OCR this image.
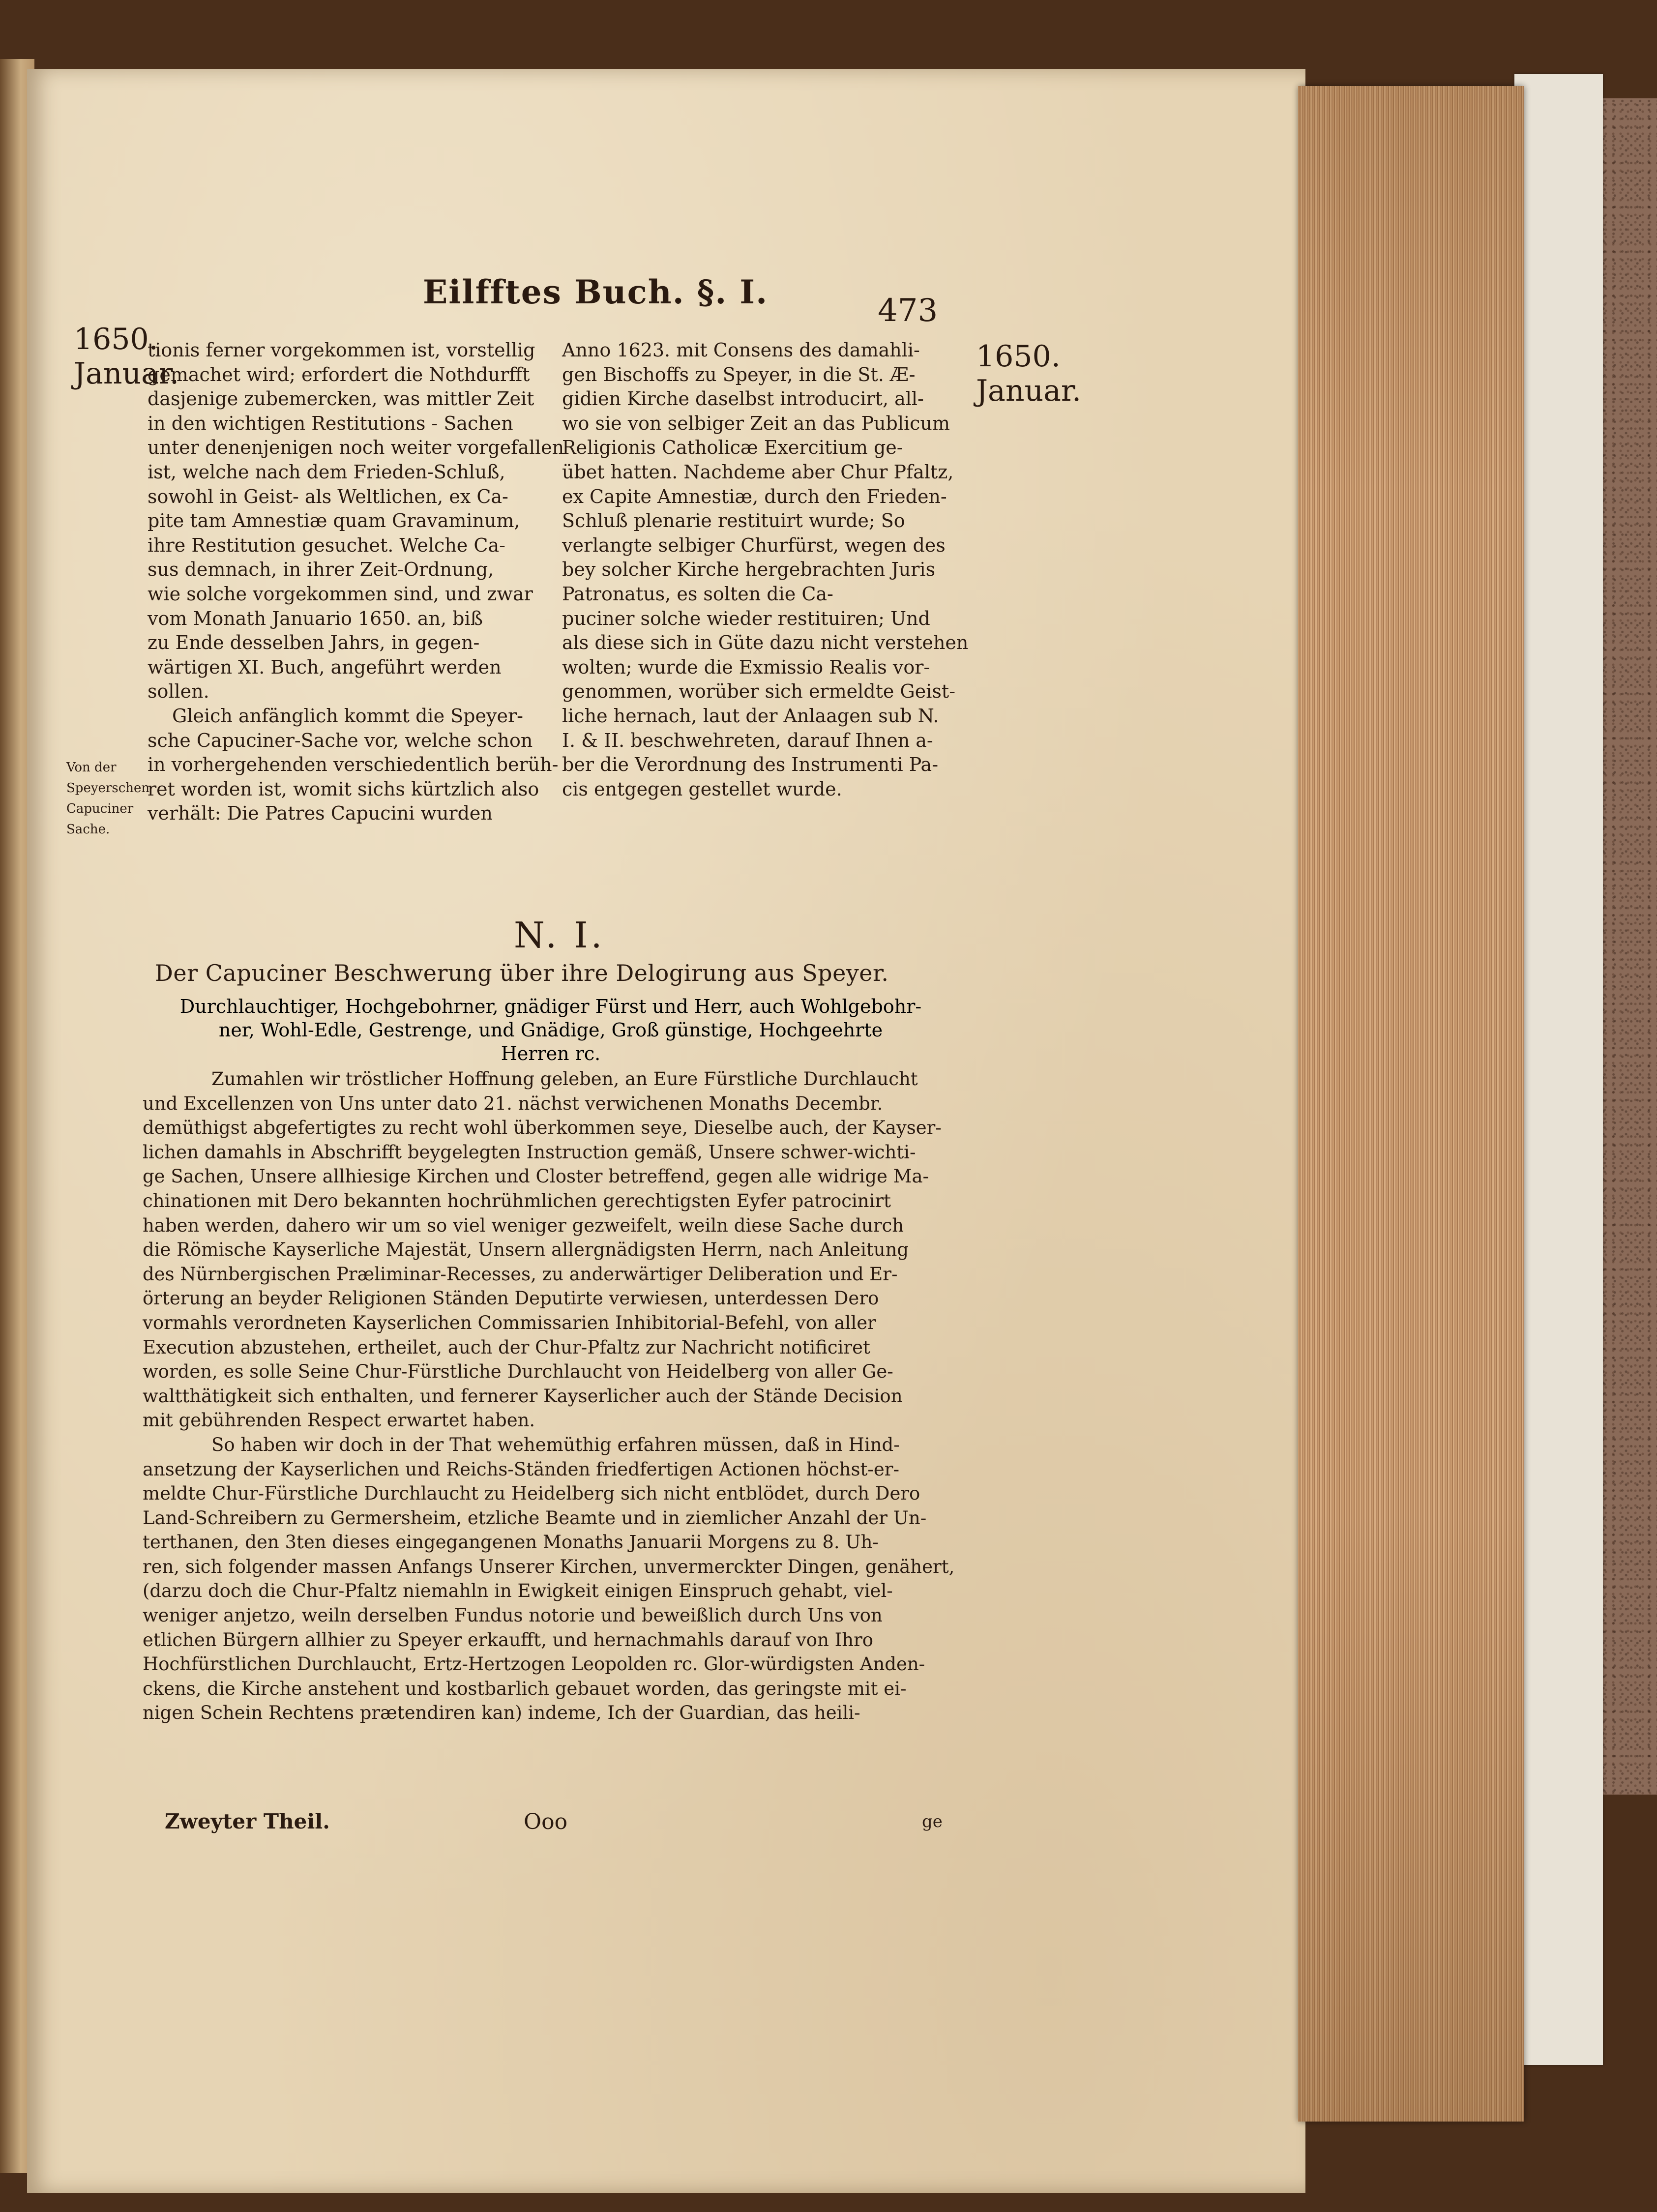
Eilfftes Buch. §. I.	473
1650.
Januar.	1650.
Januar.
Von der
Speyerschen
Capuciner
Sache.

tionis ferner vorgekommen ist, vorstellig

gemachet wird; erfordert die Nothdurfft

dasjenige zubemercken, was mittler Zeit

in den wichtigen Restitutions - Sachen

unter denenjenigen noch weiter vorgefallen

ist, welche nach dem Frieden-Schluß,

sowohl in Geist- als Weltlichen, ex Ca-

pite tam Amnestiæ quam Gravaminum,

ihre Restitution gesuchet. Welche Ca-

sus demnach, in ihrer Zeit-Ordnung,

wie solche vorgekommen sind, und zwar

vom Monath Januario 1650. an, biß

zu Ende desselben Jahrs, in gegen-

wärtigen XI. Buch, angeführt werden

sollen.

Gleich anfänglich kommt die Speyer-

sche Capuciner-Sache vor, welche schon

in vorhergehenden verschiedentlich berüh-

ret worden ist, womit sichs kürtzlich also

verhält: Die Patres Capucini wurden

Anno 1623. mit Consens des damahli-

gen Bischoffs zu Speyer, in die St. Æ-

gidien Kirche daselbst introducirt, all-

wo sie von selbiger Zeit an das Publicum

Religionis Catholicæ Exercitium ge-

übet hatten. Nachdeme aber Chur Pfaltz,

ex Capite Amnestiæ, durch den Frieden-

Schluß plenarie restituirt wurde; So

verlangte selbiger Churfürst, wegen des

bey solcher Kirche hergebrachten Juris

Patronatus, es solten die Ca-

puciner solche wieder restituiren; Und

als diese sich in Güte dazu nicht verstehen

wolten; wurde die Exmissio Realis vor-

genommen, worüber sich ermeldte Geist-

liche hernach, laut der Anlaagen sub N.

I. & II. beschwehreten, darauf Ihnen a-

ber die Verordnung des Instrumenti Pa-

cis entgegen gestellet wurde.

N. I.
Der Capuciner Beschwerung über ihre Delogirung aus Speyer.

Durchlauchtiger, Hochgebohrner, gnädiger Fürst und Herr, auch Wohlgebohr-

ner, Wohl-Edle, Gestrenge, und Gnädige, Groß günstige, Hochgeehrte

Herren rc.

Zumahlen wir tröstlicher Hoffnung geleben, an Eure Fürstliche Durchlaucht

und Excellenzen von Uns unter dato 21. nächst verwichenen Monaths Decembr.

demüthigst abgefertigtes zu recht wohl überkommen seye, Dieselbe auch, der Kayser-

lichen damahls in Abschrifft beygelegten Instruction gemäß, Unsere schwer-wichti-

ge Sachen, Unsere allhiesige Kirchen und Closter betreffend, gegen alle widrige Ma-

chinationen mit Dero bekannten hochrühmlichen gerechtigsten Eyfer patrocinirt

haben werden, dahero wir um so viel weniger gezweifelt, weiln diese Sache durch

die Römische Kayserliche Majestät, Unsern allergnädigsten Herrn, nach Anleitung

des Nürnbergischen Præliminar-Recesses, zu anderwärtiger Deliberation und Er-

örterung an beyder Religionen Ständen Deputirte verwiesen, unterdessen Dero

vormahls verordneten Kayserlichen Commissarien Inhibitorial-Befehl, von aller

Execution abzustehen, ertheilet, auch der Chur-Pfaltz zur Nachricht notificiret

worden, es solle Seine Chur-Fürstliche Durchlaucht von Heidelberg von aller Ge-

waltthätigkeit sich enthalten, und fernerer Kayserlicher auch der Stände Decision

mit gebührenden Respect erwartet haben.

So haben wir doch in der That wehemüthig erfahren müssen, daß in Hind-

ansetzung der Kayserlichen und Reichs-Ständen friedfertigen Actionen höchst-er-

meldte Chur-Fürstliche Durchlaucht zu Heidelberg sich nicht entblödet, durch Dero

Land-Schreibern zu Germersheim, etzliche Beamte und in ziemlicher Anzahl der Un-

terthanen, den 3ten dieses eingegangenen Monaths Januarii Morgens zu 8. Uh-

ren, sich folgender massen Anfangs Unserer Kirchen, unvermerckter Dingen, genähert,

(darzu doch die Chur-Pfaltz niemahln in Ewigkeit einigen Einspruch gehabt, viel-

weniger anjetzo, weiln derselben Fundus notorie und beweißlich durch Uns von

etlichen Bürgern allhier zu Speyer erkaufft, und hernachmahls darauf von Ihro

Hochfürstlichen Durchlaucht, Ertz-Hertzogen Leopolden rc. Glor-würdigsten Anden-

ckens, die Kirche anstehent und kostbarlich gebauet worden, das geringste mit ei-

nigen Schein Rechtens prætendiren kan) indeme, Ich der Guardian, das heili-

Zweyter Theil.	Ooo	ge
